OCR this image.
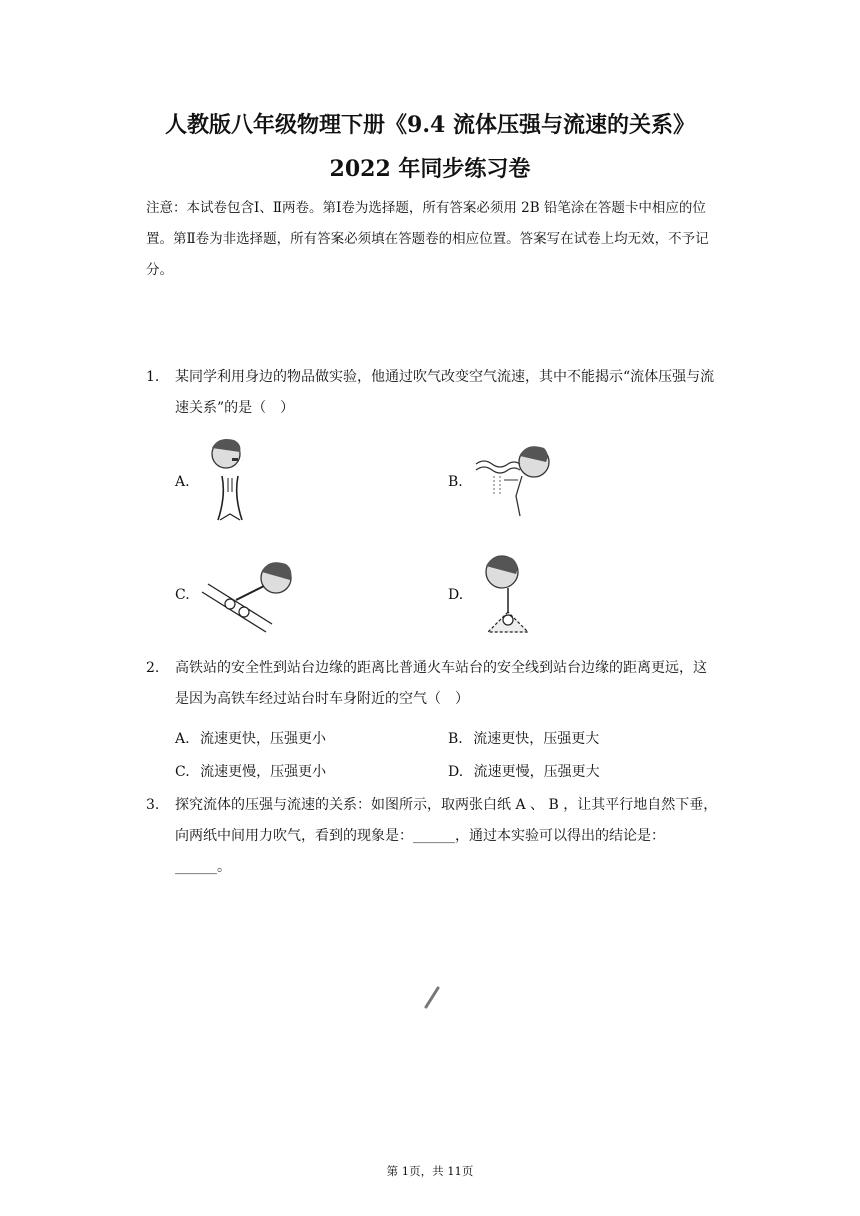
人教版八年级物理下册《9.4 流体压强与流速的关系》
2022 年同步练习卷
注意：本试卷包含Ⅰ、Ⅱ两卷。第Ⅰ卷为选择题，所有答案必须用 2B 铅笔涂在答题卡中相应的位置。第Ⅱ卷为非选择题，所有答案必须填在答题卷的相应位置。答案写在试卷上均无效，不予记分。
1. 某同学利用身边的物品做实验，他通过吹气改变空气流速，其中不能揭示“流体压强与流速关系”的是（　）
A.	B.
C.	D.
2. 高铁站的安全性到站台边缘的距离比普通火车站台的安全线到站台边缘的距离更远，这是因为高铁车经过站台时车身附近的空气（　）
A. 流速更快，压强更小	B. 流速更快，压强更大
C. 流速更慢，压强更小	D. 流速更慢，压强更大
3. 探究流体的压强与流速的关系：如图所示，取两张白纸 A 、 B ，让其平行地自然下垂，向两纸中间用力吹气，看到的现象是：______，通过本实验可以得出的结论是：______。
第 1页，共 11页
